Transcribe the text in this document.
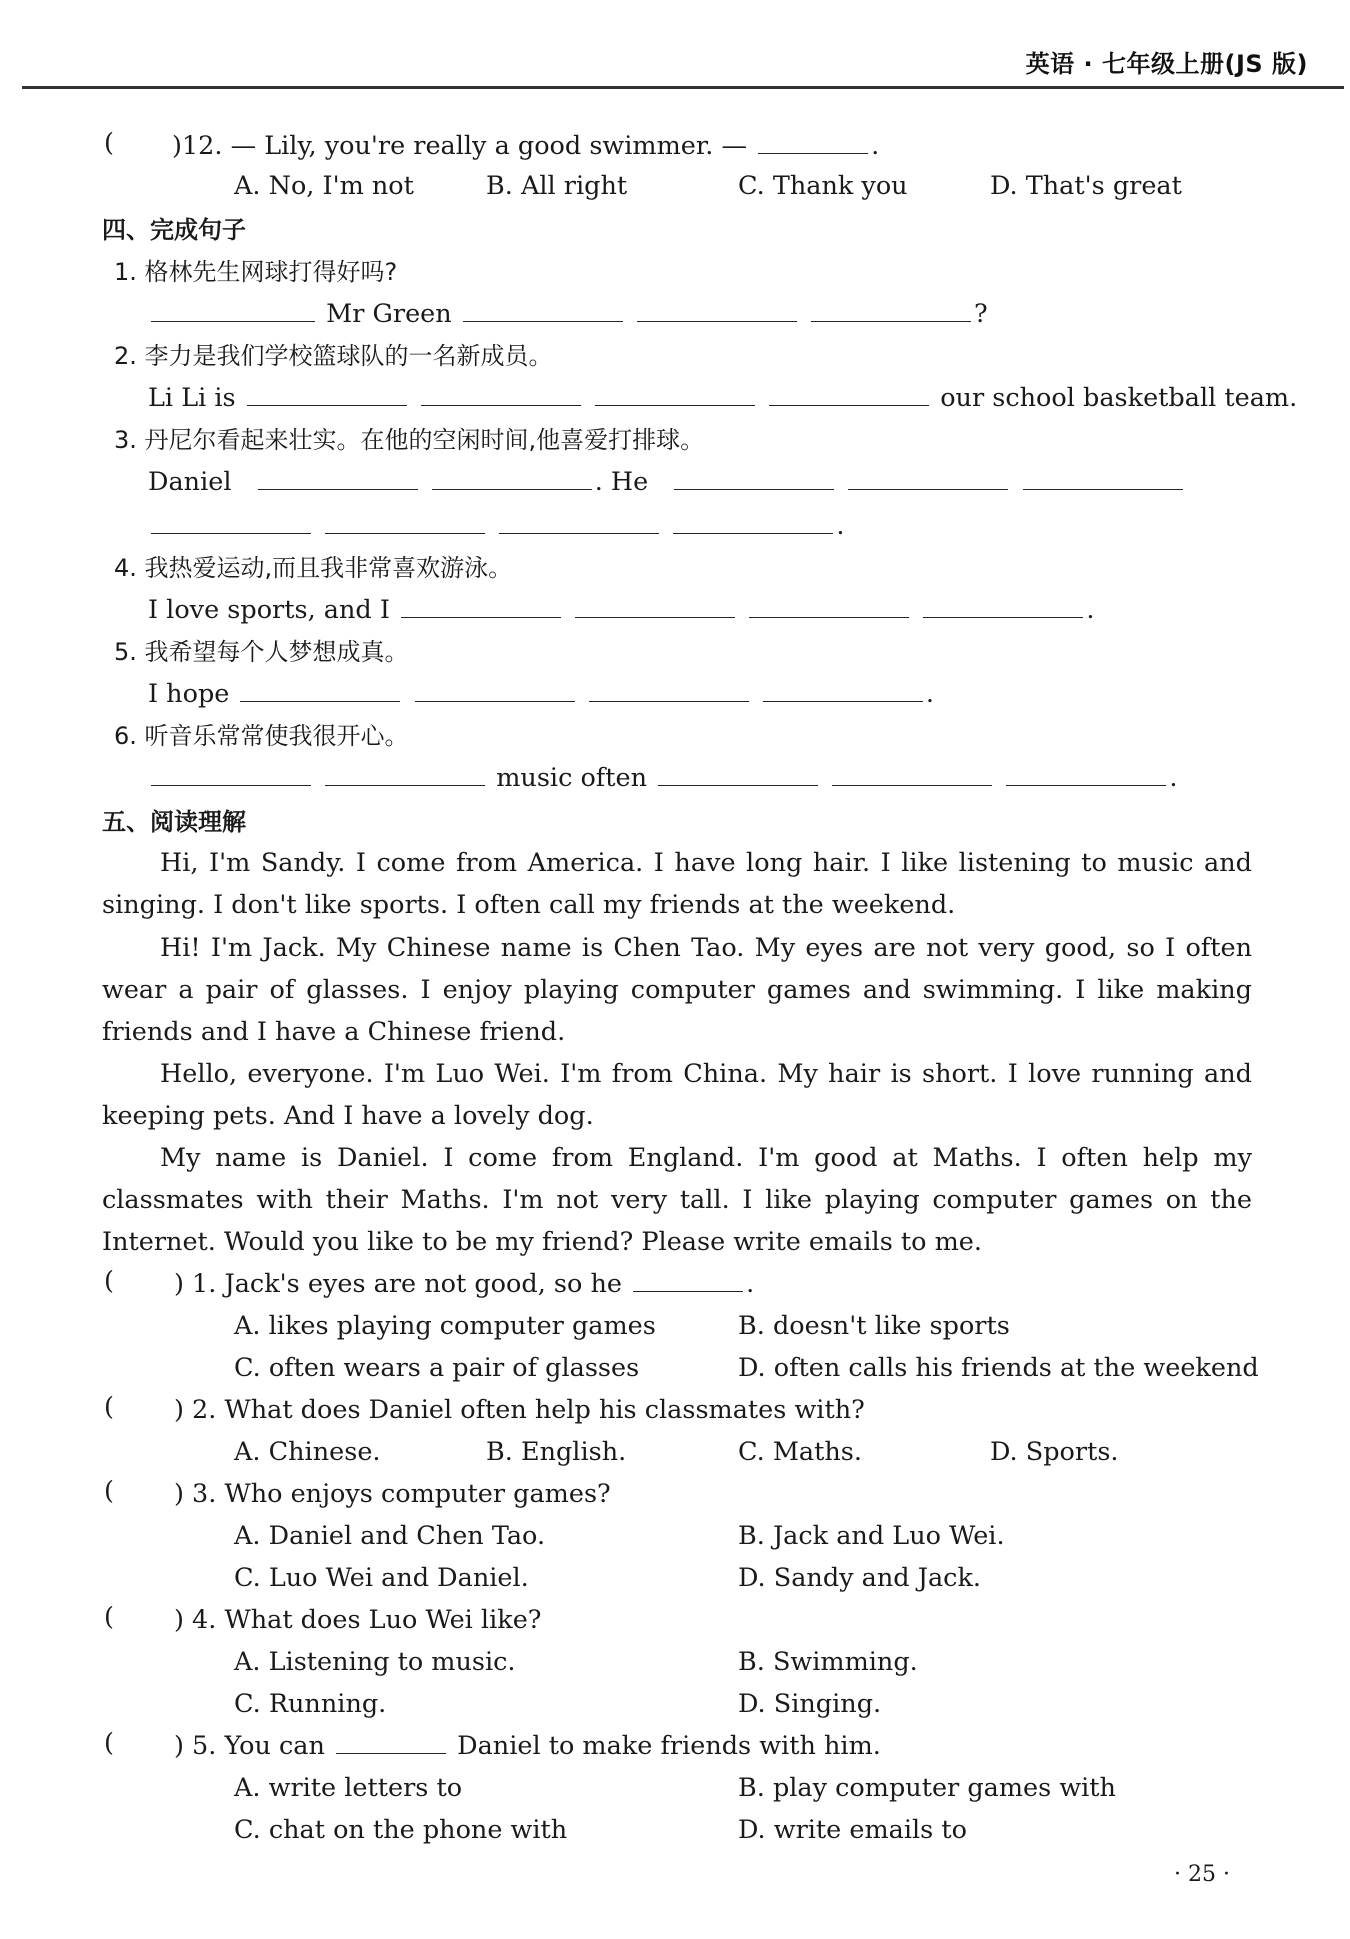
英语 · 七年级上册(JS 版)
( )12. — Lily, you're really a good swimmer. —	.
A. No, I'm not	B. All right	C. Thank you	D. That's great
四、完成句子
1. 格林先生网球打得好吗?
Mr Green	?
2. 李力是我们学校篮球队的一名新成员。
Li Li is	our school basketball team.
3. 丹尼尔看起来壮实。在他的空闲时间,他喜爱打排球。
Daniel	. He
.
4. 我热爱运动,而且我非常喜欢游泳。
I love sports, and I	.
5. 我希望每个人梦想成真。
I hope	.
6. 听音乐常常使我很开心。
music often	.
五、阅读理解

Hi, I'm Sandy. I come from America. I have long hair. I like listening to music and singing. I don't like sports. I often call my friends at the weekend.

Hi! I'm Jack. My Chinese name is Chen Tao. My eyes are not very good, so I often wear a pair of glasses. I enjoy playing computer games and swimming. I like making friends and I have a Chinese friend.

Hello, everyone. I'm Luo Wei. I'm from China. My hair is short. I love running and keeping pets. And I have a lovely dog.

My name is Daniel. I come from England. I'm good at Maths. I often help my classmates with their Maths. I'm not very tall. I like playing computer games on the Internet. Would you like to be my friend? Please write emails to me.

( ) 1. Jack's eyes are not good, so he	.
A. likes playing computer games	B. doesn't like sports
C. often wears a pair of glasses	D. often calls his friends at the weekend
( ) 2. What does Daniel often help his classmates with?
A. Chinese.	B. English.	C. Maths.	D. Sports.
( ) 3. Who enjoys computer games?
A. Daniel and Chen Tao.	B. Jack and Luo Wei.
C. Luo Wei and Daniel.	D. Sandy and Jack.
( ) 4. What does Luo Wei like?
A. Listening to music.	B. Swimming.
C. Running.	D. Singing.
( ) 5. You can	Daniel to make friends with him.
A. write letters to	B. play computer games with
C. chat on the phone with	D. write emails to
· 25 ·
